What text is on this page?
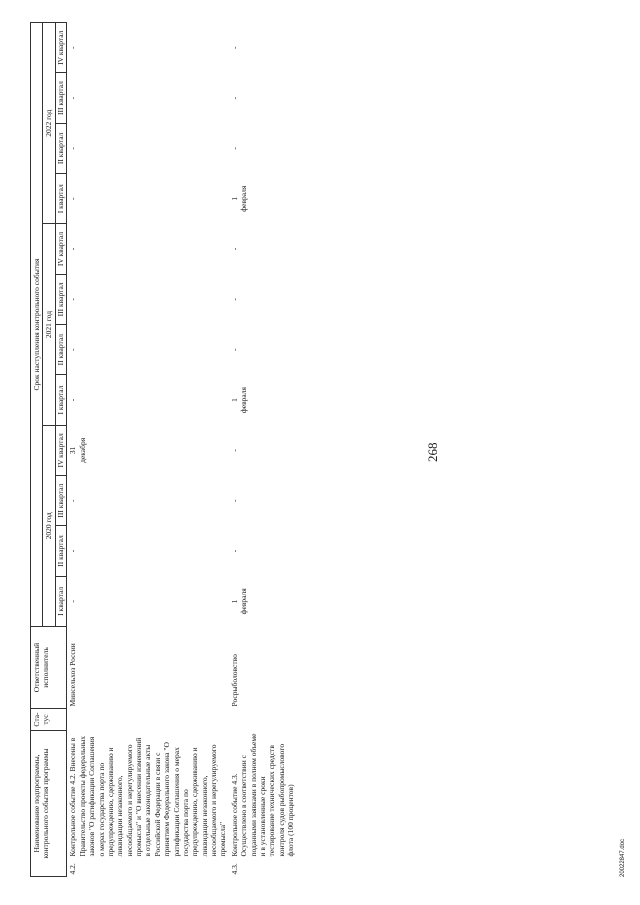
268
Наименование подпрограммы, контрольного события программы		Ста-тус	Ответственный исполнитель	Срок наступления контрольного события											
				2020 год				2021 год				2022 год			
				I квартал	II квартал	III квартал	IV квартал	I квартал	II квартал	III квартал	IV квартал	I квартал	II квартал	III квартал	IV квартал
4.2.	Контрольное событие 4.2. Внесены в Правительство проекты федеральных законов "О ратификации Соглашения о мерах государства порта по предупреждению, сдерживанию и ликвидации незаконного, несообщаемого и нерегулируемого промысла" и "О внесении изменений в отдельные законодательные акты Российской Федерации в связи с принятием Федерального закона "О ратификации Соглашения о мерах государства порта по предупреждению, сдерживанию и ликвидации незаконного, несообщаемого и нерегулируемого промысла"		Минсельхоз России	-	-	-	31 декабря	-	-	-	-	-	-	-	-
4.3.	Контрольное событие 4.3. Осуществлено в соответствии с поданными заявками в полном объеме и в установленные сроки тестирование технических средств контроля судов рыбопромыслового флота (100 процентов)		Росрыболовство	1 февраля	-	-	-	1 февраля	-	-	-	1 февраля	-	-	-
20022847.doc
